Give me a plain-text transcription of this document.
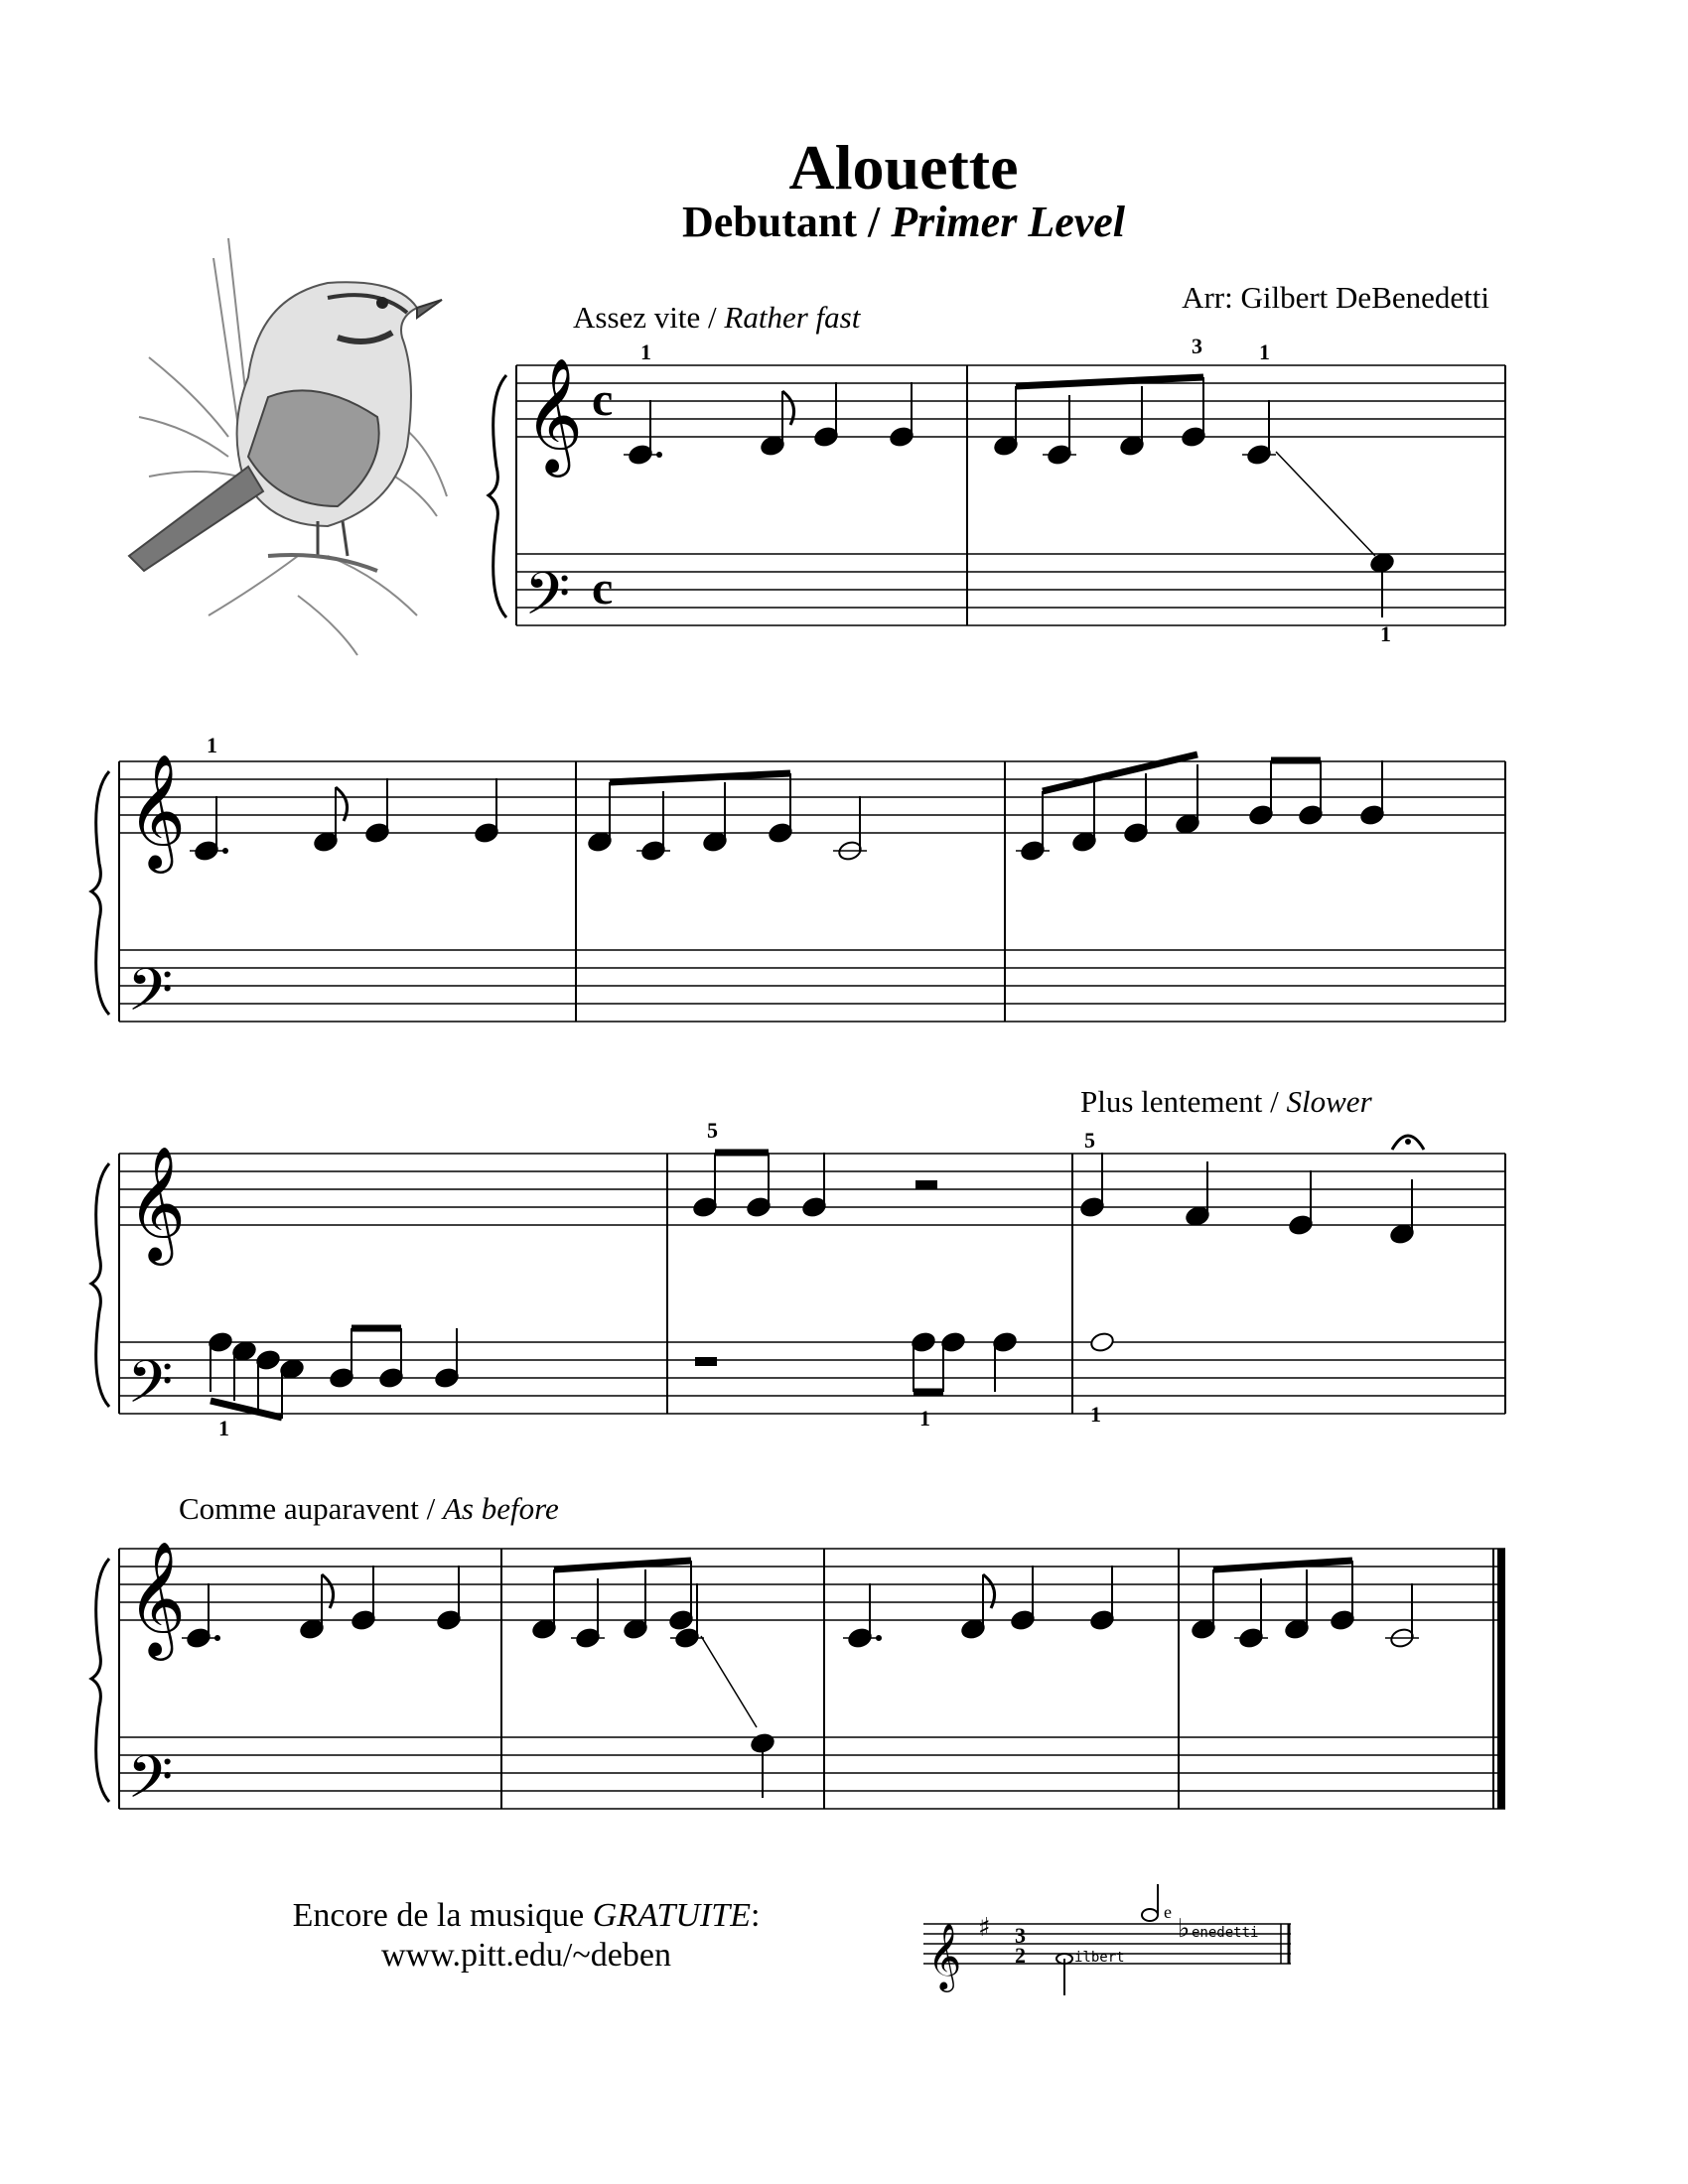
Alouette
Debutant / Primer Level
Arr: Gilbert DeBenedetti
Assez vite / Rather fast
Plus lentement / Slower
Comme auparavent / As before
Encore de la musique GRATUITE:
www.pitt.edu/~deben
𝄞
𝄢
𝄞
𝄢
𝄞
𝄢
𝄞
𝄢
c
c
1	3	1
1
1
5	5
1	1	1
𝄞 ♯ 3
2	ilbert
e
♭ enedetti
